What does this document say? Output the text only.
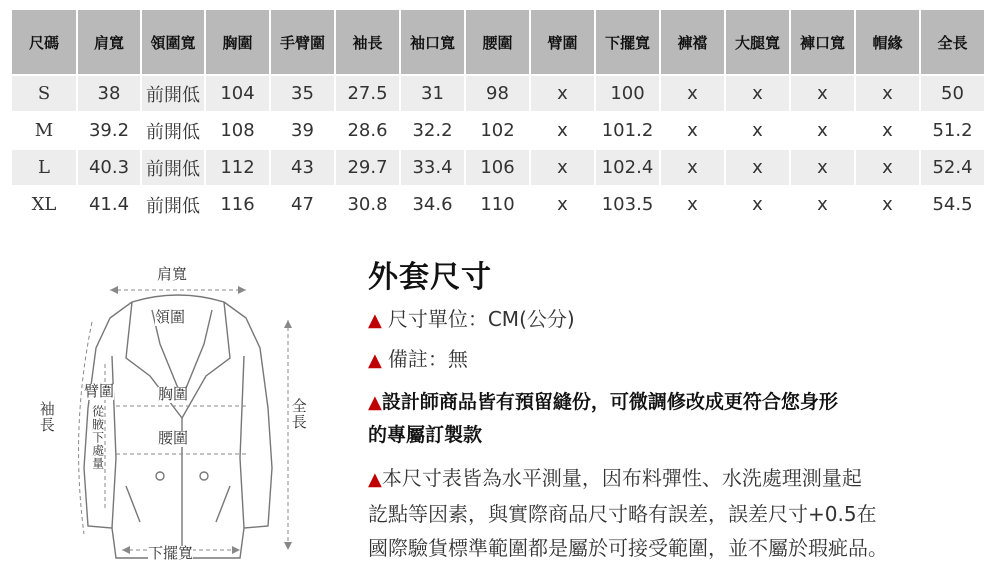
尺碼	肩寬	領圍寬	胸圍	手臂圍	袖長	袖口寬	腰圍	臂圍	下擺寬	褲襠	大腿寬	褲口寬	帽緣	全長
S	38	前開低	104	35	27.5	31	98	x	100	x	x	x	x	50
M	39.2	前開低	108	39	28.6	32.2	102	x	101.2	x	x	x	x	51.2
L	40.3	前開低	112	43	29.7	33.4	106	x	102.4	x	x	x	x	52.4
XL	41.4	前開低	116	47	30.8	34.6	110	x	103.5	x	x	x	x	54.5
肩寬
領圍
袖長
臂圍
從腋下處量
胸圍
腰圍
全長
下擺寬
外套尺寸

▲ 尺寸單位：CM(公分)

▲ 備註：無

▲設計師商品皆有預留縫份，可微調修改成更符合您身形

的專屬訂製款

▲本尺寸表皆為水平測量，因布料彈性、水洗處理測量起

訖點等因素，與實際商品尺寸略有誤差，誤差尺寸+0.5在

國際驗貨標準範圍都是屬於可接受範圍，並不屬於瑕疵品。
